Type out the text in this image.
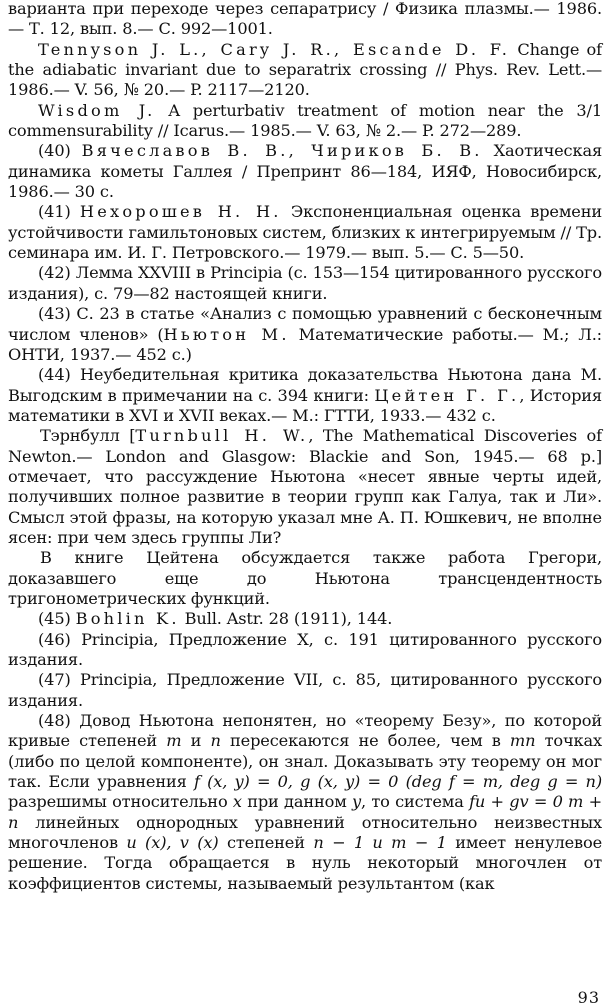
варианта при переходе через сепаратрису / Физика плазмы.— 1986.— Т. 12, вып. 8.— С. 992—1001.

Tennyson J. L., Cary J. R., Escande D. F. Change of the adiabatic invariant due to separatrix crossing // Phys. Rev. Lett.— 1986.— V. 56, № 20.— P. 2117—2120.

Wisdom J. A perturbativ treatment of motion near the 3/1 commensurability // Icarus.— 1985.— V. 63, № 2.— P. 272—289.

(40) Вячеславов В. В., Чириков Б. В. Хаотическая динамика кометы Галлея / Препринт 86—184, ИЯФ, Новосибирск, 1986.— 30 с.

(41) Нехорошев Н. Н. Экспоненциальная оценка времени устойчивости гамильтоновых систем, близких к интегрируемым // Тр. семинара им. И. Г. Петровского.— 1979.— вып. 5.— С. 5—50.

(42) Лемма XXVIII в Principia (с. 153—154 цитированного русского издания), с. 79—82 настоящей книги.

(43) С. 23 в статье «Анализ с помощью уравнений с бесконечным числом членов» (Ньютон М. Математические работы.— М.; Л.: ОНТИ, 1937.— 452 с.)

(44) Неубедительная критика доказательства Ньютона дана М. Выгодским в примечании на с. 394 книги: Цейтен Г. Г., История математики в XVI и XVII веках.— М.: ГТТИ, 1933.— 432 с.

Тэрнбулл [Turnbull H. W., The Mathematical Discoveries of Newton.— London and Glasgow: Blackie and Son, 1945.— 68 p.] отмечает, что рассуждение Ньютона «несет явные черты идей, получивших полное развитие в теории групп как Галуа, так и Ли». Смысл этой фразы, на которую указал мне А. П. Юшкевич, не вполне ясен: при чем здесь группы Ли?

В книге Цейтена обсуждается также работа Грегори, доказавшего еще до Ньютона трансцендентность тригонометрических функций.

(45) Bohlin K. Bull. Astr. 28 (1911), 144.

(46) Principia, Предложение X, с. 191 цитированного русского издания.

(47) Principia, Предложение VII, с. 85, цитированного русского издания.

(48) Довод Ньютона непонятен, но «теорему Безу», по которой кривые степеней m и n пересекаются не более, чем в mn точках (либо по целой компоненте), он знал. Доказывать эту теорему он мог так. Если уравнения f (x, y) = 0, g (x, y) = 0 (deg f = m, deg g = n) разрешимы относительно x при данном y, то система fu + gv = 0 m + n линейных однородных уравнений относительно неизвестных многочленов u (x), v (x) степеней n − 1 и m − 1 имеет ненулевое решение. Тогда обращается в нуль некоторый многочлен от коэффициентов системы, называемый результантом (как

93
